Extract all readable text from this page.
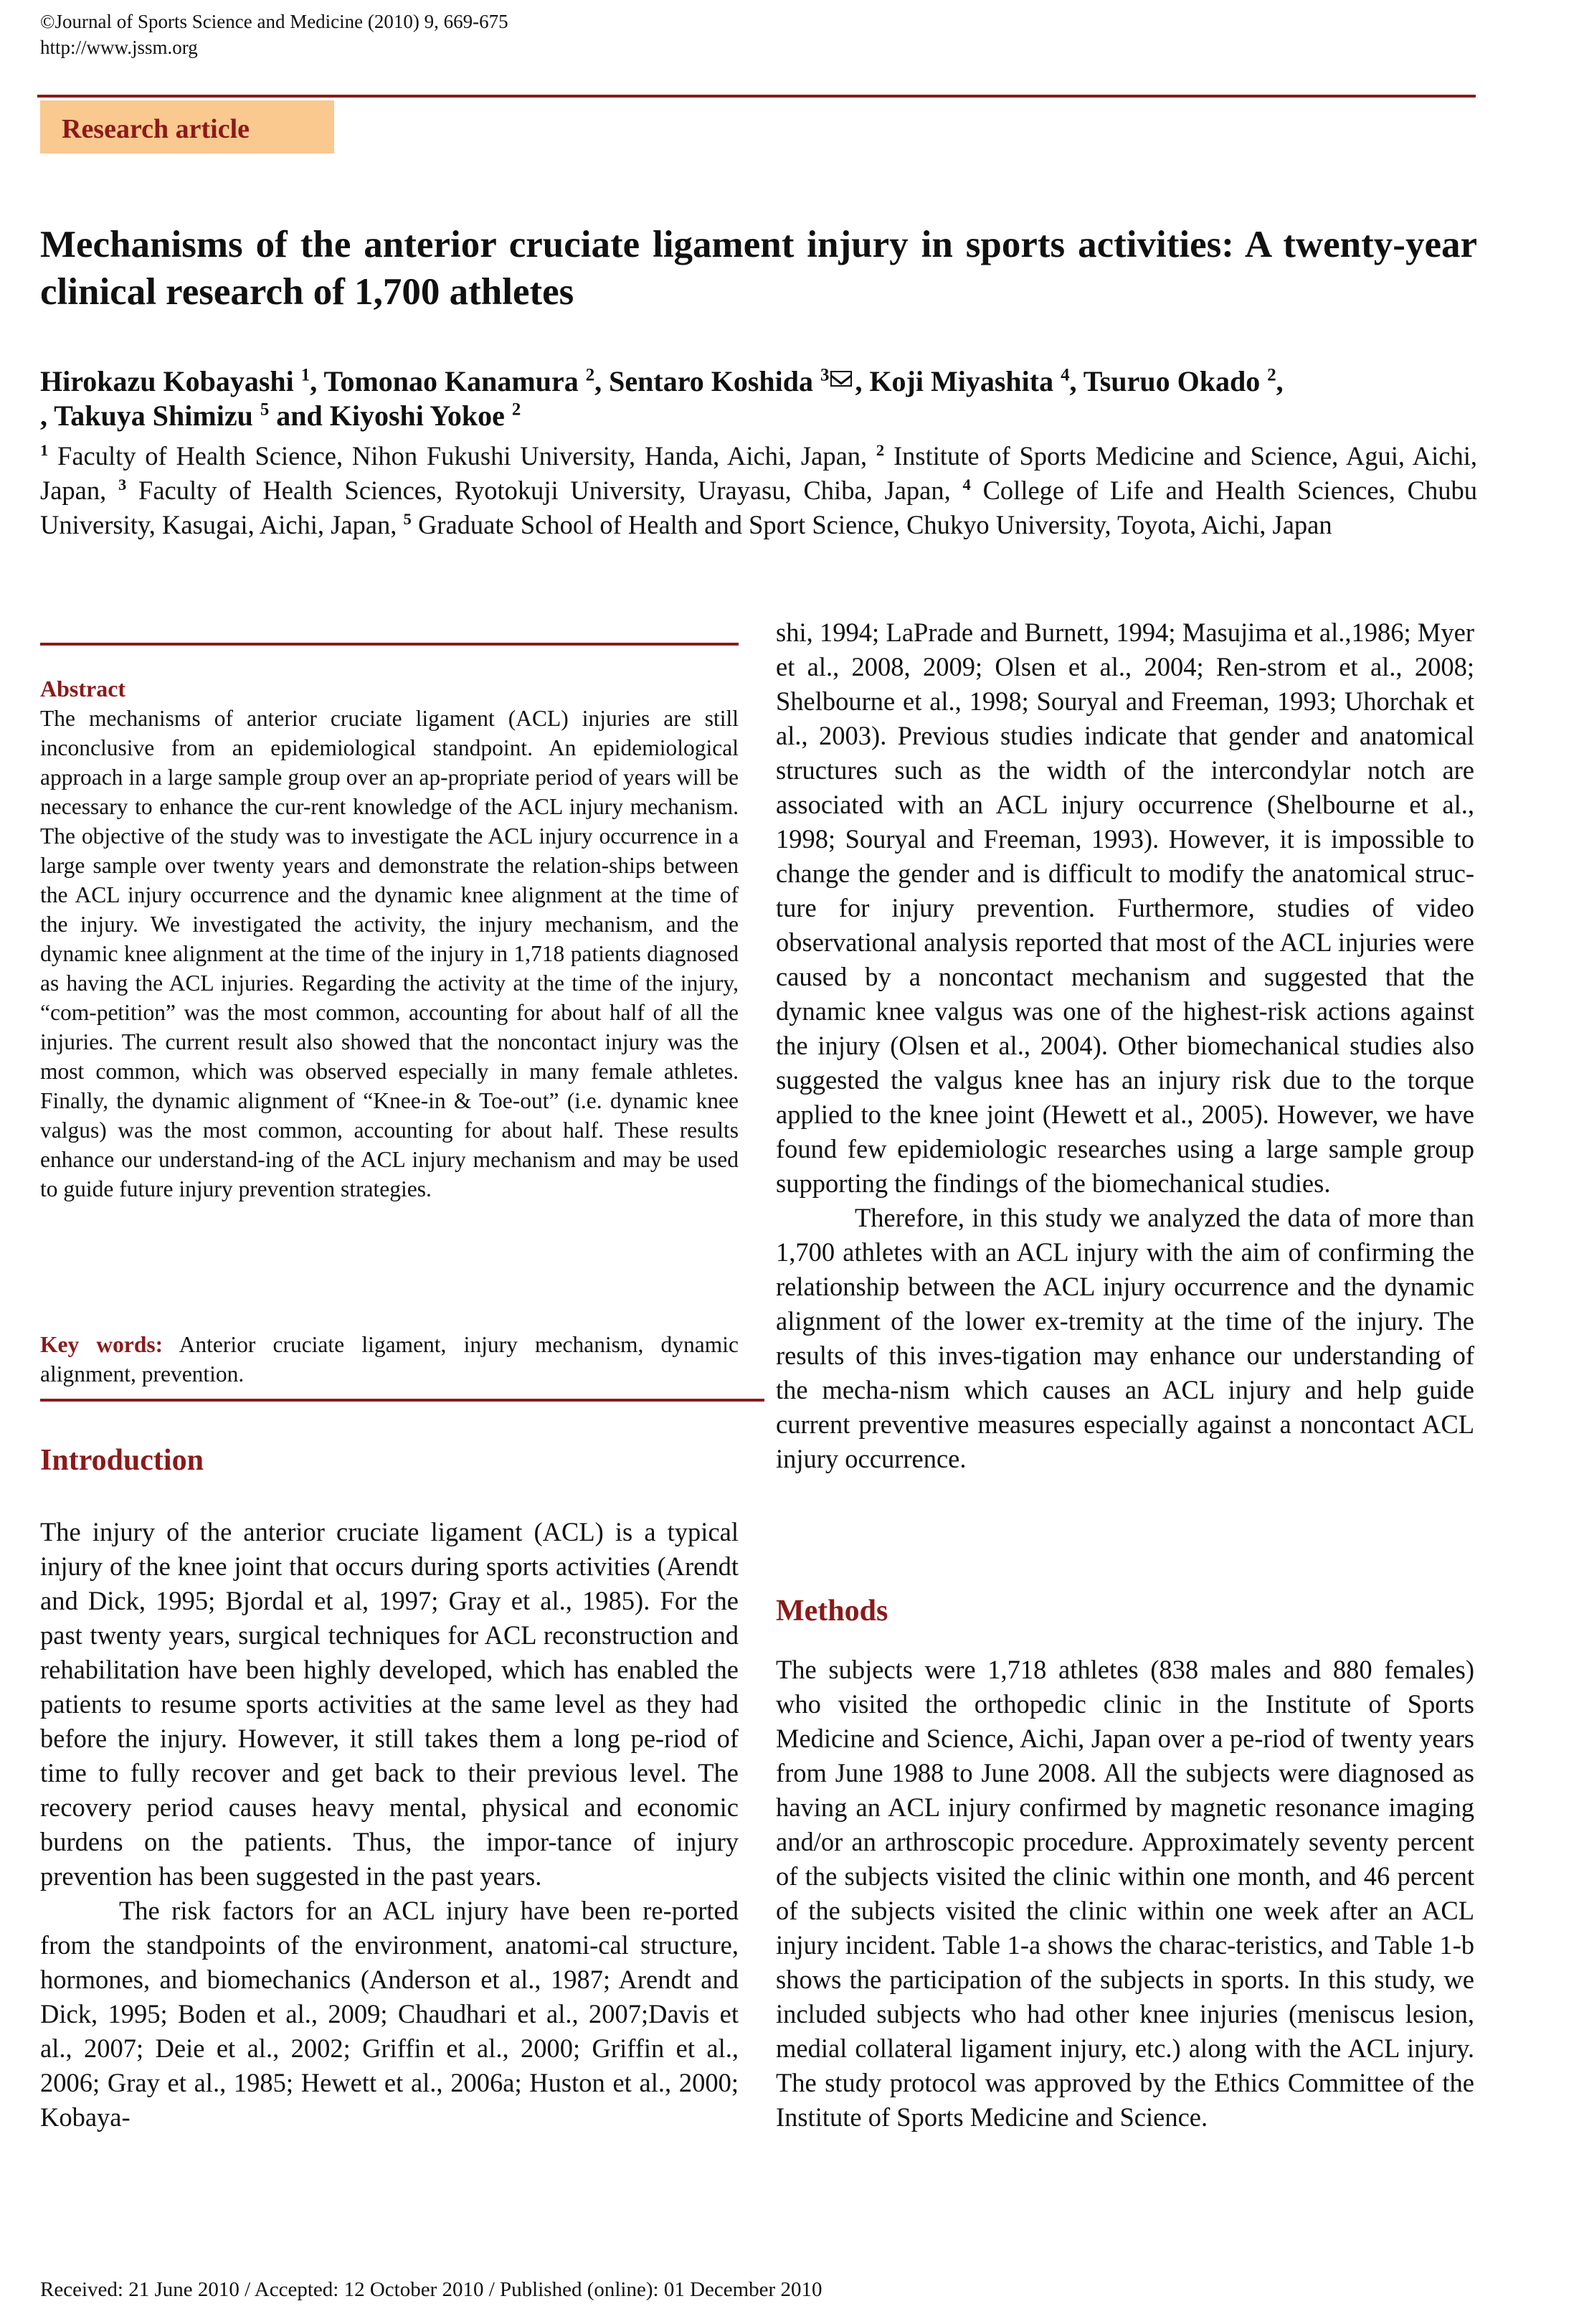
©Journal of Sports Science and Medicine (2010) 9, 669-675
http://www.jssm.org
Research article
Mechanisms of the anterior cruciate ligament injury in sports activities: A twenty-year clinical research of 1,700 athletes
Hirokazu Kobayashi $^1$, Tomonao Kanamura $^2$, Sentaro Koshida $^3$ , Koji Miyashita $^4$, Tsuruo Okado $^2$,
, Takuya Shimizu $^5$ and Kiyoshi Yokoe $^2$
$^1$ Faculty of Health Science, Nihon Fukushi University, Handa, Aichi, Japan, $^2$ Institute of Sports Medicine and Science, Agui, Aichi, Japan, $^3$ Faculty of Health Sciences, Ryotokuji University, Urayasu, Chiba, Japan, $^4$ College of Life and Health Sciences, Chubu University, Kasugai, Aichi, Japan, $^5$ Graduate School of Health and Sport Science, Chukyo University, Toyota, Aichi, Japan
Abstract
The mechanisms of anterior cruciate ligament (ACL) injuries are still inconclusive from an epidemiological standpoint. An epidemiological approach in a large sample group over an ap-propriate period of years will be necessary to enhance the cur-rent knowledge of the ACL injury mechanism. The objective of the study was to investigate the ACL injury occurrence in a large sample over twenty years and demonstrate the relation-ships between the ACL injury occurrence and the dynamic knee alignment at the time of the injury. We investigated the activity, the injury mechanism, and the dynamic knee alignment at the time of the injury in 1,718 patients diagnosed as having the ACL injuries. Regarding the activity at the time of the injury, “com-petition” was the most common, accounting for about half of all the injuries. The current result also showed that the noncontact injury was the most common, which was observed especially in many female athletes. Finally, the dynamic alignment of “Knee-in & Toe-out” (i.e. dynamic knee valgus) was the most common, accounting for about half. These results enhance our understand-ing of the ACL injury mechanism and may be used to guide future injury prevention strategies.
Key words: Anterior cruciate ligament, injury mechanism, dynamic alignment, prevention.
Introduction

The injury of the anterior cruciate ligament (ACL) is a typical injury of the knee joint that occurs during sports activities (Arendt and Dick, 1995; Bjordal et al, 1997; Gray et al., 1985). For the past twenty years, surgical techniques for ACL reconstruction and rehabilitation have been highly developed, which has enabled the patients to resume sports activities at the same level as they had before the injury. However, it still takes them a long pe-riod of time to fully recover and get back to their previous level. The recovery period causes heavy mental, physical and economic burdens on the patients. Thus, the impor-tance of injury prevention has been suggested in the past years.

The risk factors for an ACL injury have been re-ported from the standpoints of the environment, anatomi-cal structure, hormones, and biomechanics (Anderson et al., 1987; Arendt and Dick, 1995; Boden et al., 2009; Chaudhari et al., 2007;Davis et al., 2007; Deie et al., 2002; Griffin et al., 2000; Griffin et al., 2006; Gray et al., 1985; Hewett et al., 2006a; Huston et al., 2000; Kobaya-

shi, 1994; LaPrade and Burnett, 1994; Masujima et al.,1986; Myer et al., 2008, 2009; Olsen et al., 2004; Ren-strom et al., 2008; Shelbourne et al., 1998; Souryal and Freeman, 1993; Uhorchak et al., 2003). Previous studies indicate that gender and anatomical structures such as the width of the intercondylar notch are associated with an ACL injury occurrence (Shelbourne et al., 1998; Souryal and Freeman, 1993). However, it is impossible to change the gender and is difficult to modify the anatomical struc-ture for injury prevention. Furthermore, studies of video observational analysis reported that most of the ACL injuries were caused by a noncontact mechanism and suggested that the dynamic knee valgus was one of the highest-risk actions against the injury (Olsen et al., 2004). Other biomechanical studies also suggested the valgus knee has an injury risk due to the torque applied to the knee joint (Hewett et al., 2005). However, we have found few epidemiologic researches using a large sample group supporting the findings of the biomechanical studies.

Therefore, in this study we analyzed the data of more than 1,700 athletes with an ACL injury with the aim of confirming the relationship between the ACL injury occurrence and the dynamic alignment of the lower ex-tremity at the time of the injury. The results of this inves-tigation may enhance our understanding of the mecha-nism which causes an ACL injury and help guide current preventive measures especially against a noncontact ACL injury occurrence.

Methods

The subjects were 1,718 athletes (838 males and 880 females) who visited the orthopedic clinic in the Institute of Sports Medicine and Science, Aichi, Japan over a pe-riod of twenty years from June 1988 to June 2008. All the subjects were diagnosed as having an ACL injury confirmed by magnetic resonance imaging and/or an arthroscopic procedure. Approximately seventy percent of the subjects visited the clinic within one month, and 46 percent of the subjects visited the clinic within one week after an ACL injury incident. Table 1-a shows the charac-teristics, and Table 1-b shows the participation of the subjects in sports. In this study, we included subjects who had other knee injuries (meniscus lesion, medial collateral ligament injury, etc.) along with the ACL injury. The study protocol was approved by the Ethics Committee of the Institute of Sports Medicine and Science.

Received: 21 June 2010 / Accepted: 12 October 2010 / Published (online): 01 December 2010
